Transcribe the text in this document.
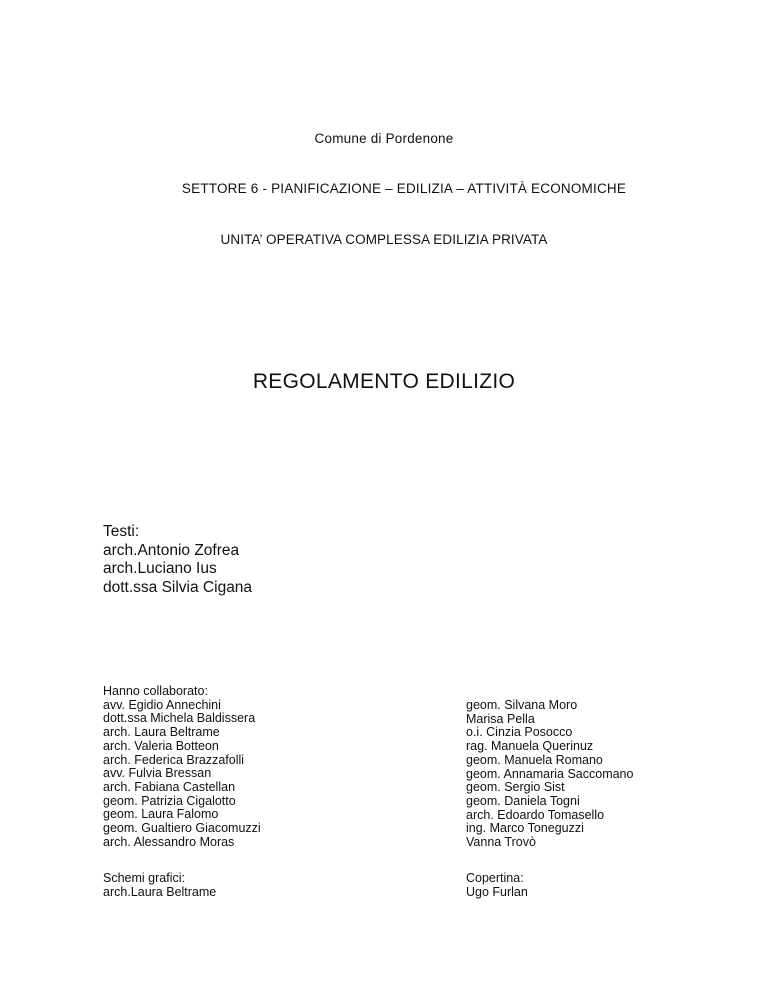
Comune di Pordenone
SETTORE 6 - PIANIFICAZIONE – EDILIZIA – ATTIVITÀ ECONOMICHE
UNITA’ OPERATIVA COMPLESSA EDILIZIA PRIVATA
REGOLAMENTO EDILIZIO
Testi:
arch.Antonio Zofrea
arch.Luciano Ius
dott.ssa Silvia Cigana
Hanno collaborato:
avv. Egidio Annechini
dott.ssa Michela Baldissera
arch. Laura Beltrame
arch. Valeria Botteon
arch. Federica Brazzafolli
avv. Fulvia Bressan
arch. Fabiana Castellan
geom. Patrizia Cigalotto
geom. Laura Falomo
geom. Gualtiero Giacomuzzi
arch. Alessandro Moras
geom. Silvana Moro
Marisa Pella
o.i. Cinzia Posocco
rag. Manuela Querinuz
geom. Manuela Romano
geom. Annamaria Saccomano
geom. Sergio Sist
geom. Daniela Togni
arch. Edoardo Tomasello
ing. Marco Toneguzzi
Vanna Trovò
Schemi grafici:
arch.Laura Beltrame
Copertina:
Ugo Furlan
